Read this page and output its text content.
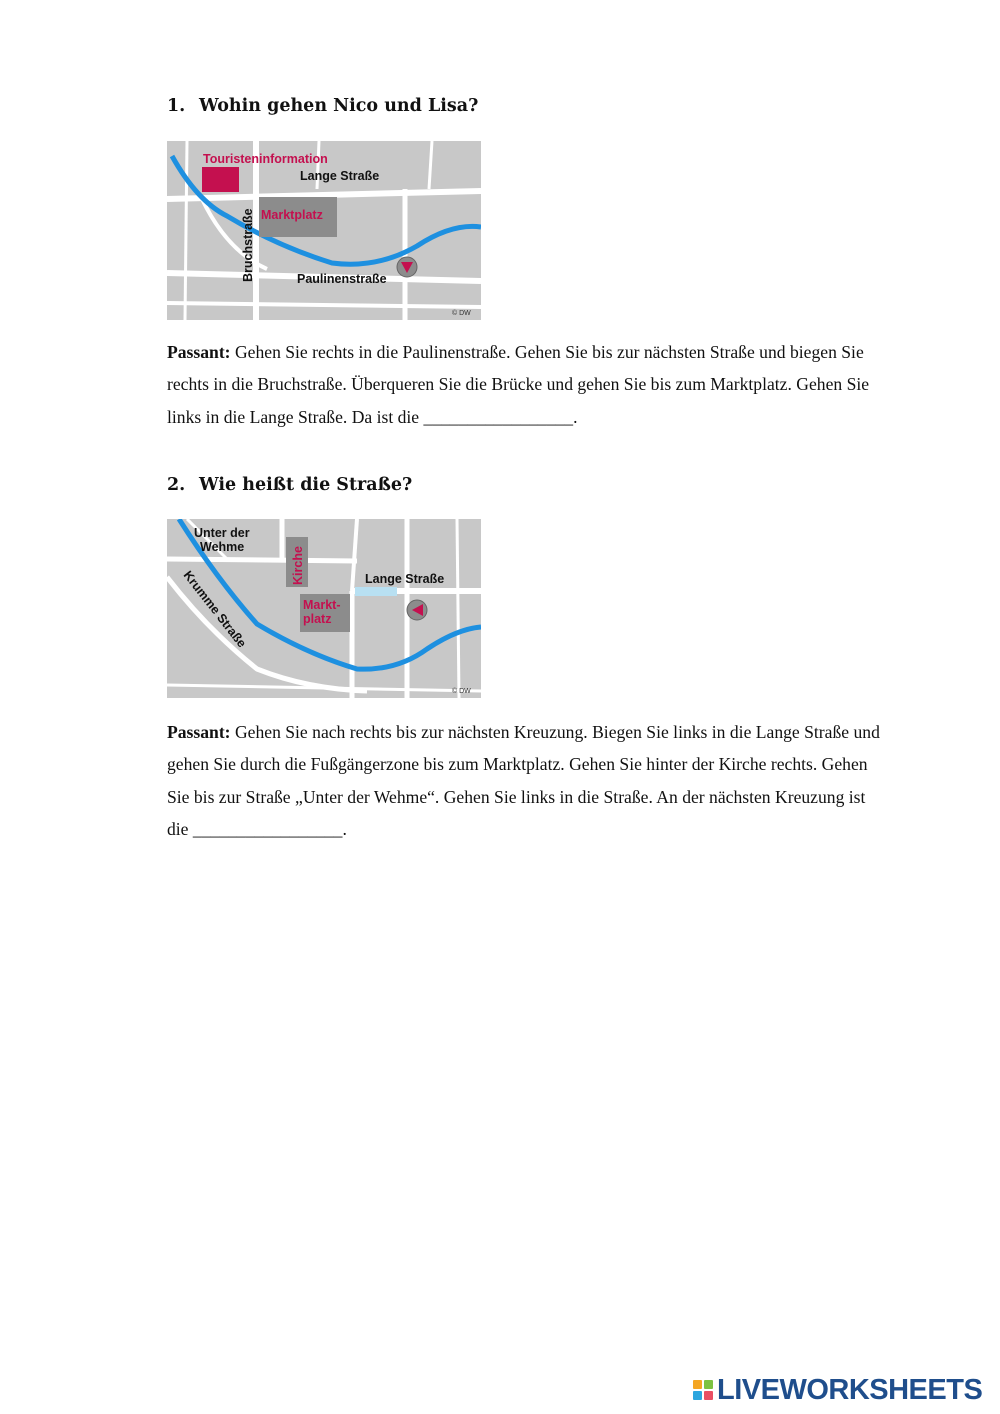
1. Wohin gehen Nico und Lisa?
Touristeninformation
Lange Straße
Marktplatz
Paulinenstraße
Bruchstraße
© DW

Passant: Gehen Sie rechts in die Paulinenstraße. Gehen Sie bis zur nächsten Straße und biegen Sie rechts in die Bruchstraße. Überqueren Sie die Brücke und gehen Sie bis zum Marktplatz. Gehen Sie links in die Lange Straße. Da ist die _________________.

2. Wie heißt die Straße?
Unter der
Wehme	Kirche	Lange Straße
Markt-
platz
Krumme Straße
© DW

Passant: Gehen Sie nach rechts bis zur nächsten Kreuzung. Biegen Sie links in die Lange Straße und gehen Sie durch die Fußgängerzone bis zum Marktplatz. Gehen Sie hinter der Kirche rechts. Gehen Sie bis zur Straße „Unter der Wehme“. Gehen Sie links in die Straße. An der nächsten Kreuzung ist die _________________.

LIVEWORKSHEETS
